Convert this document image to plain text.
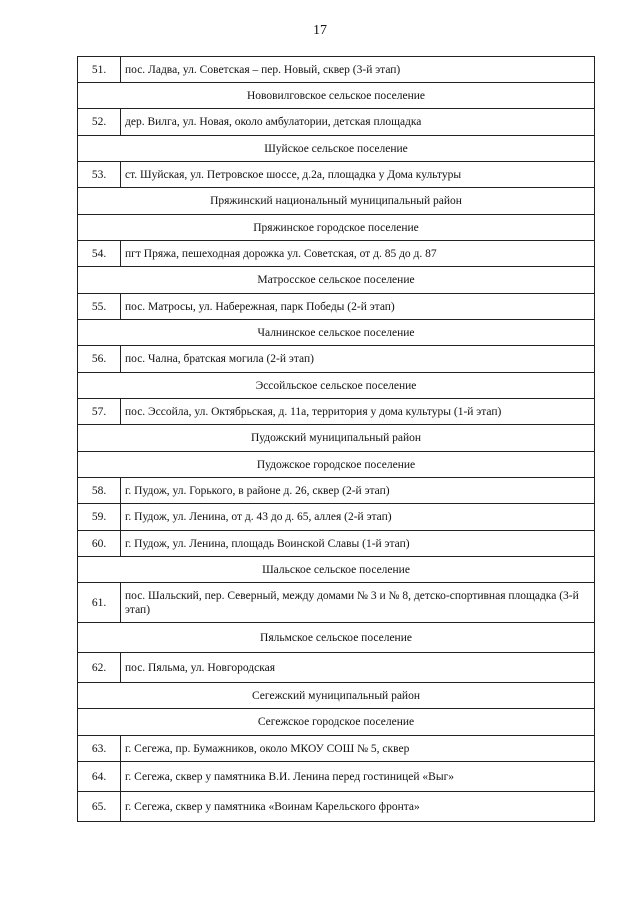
17
51.	пос. Ладва, ул. Советская – пер. Новый, сквер (3-й этап)
Нововилговское сельское поселение	
52.	дер. Вилга, ул. Новая, около амбулатории, детская площадка
Шуйское сельское поселение	
53.	ст. Шуйская, ул. Петровское шоссе, д.2а, площадка у Дома культуры
Пряжинский национальный муниципальный район	
Пряжинское городское поселение	
54.	пгт Пряжа, пешеходная дорожка ул. Советская, от д. 85 до д. 87
Матросское сельское поселение	
55.	пос. Матросы, ул. Набережная, парк Победы (2-й этап)
Чалнинское сельское поселение	
56.	пос. Чална, братская могила (2-й этап)
Эссойльское сельское поселение	
57.	пос. Эссойла, ул. Октябрьская, д. 11а, территория у дома культуры (1-й этап)
Пудожский муниципальный район	
Пудожское городское поселение	
58.	г. Пудож, ул. Горького, в районе д. 26, сквер (2-й этап)
59.	г. Пудож, ул. Ленина, от д. 43 до д. 65, аллея (2-й этап)
60.	г. Пудож, ул. Ленина, площадь Воинской Славы (1-й этап)
Шальское сельское поселение	
61.	пос. Шальский, пер. Северный, между домами № 3 и № 8, детско-спортивная площадка (3-й этап)
Пяльмское сельское поселение	
62.	пос. Пяльма, ул. Новгородская
Сегежский муниципальный район	
Сегежское городское поселение	
63.	г. Сегежа, пр. Бумажников, около МКОУ СОШ № 5, сквер
64.	г. Сегежа, сквер у памятника В.И. Ленина перед гостиницей «Выг»
65.	г. Сегежа, сквер у памятника «Воинам Карельского фронта»
